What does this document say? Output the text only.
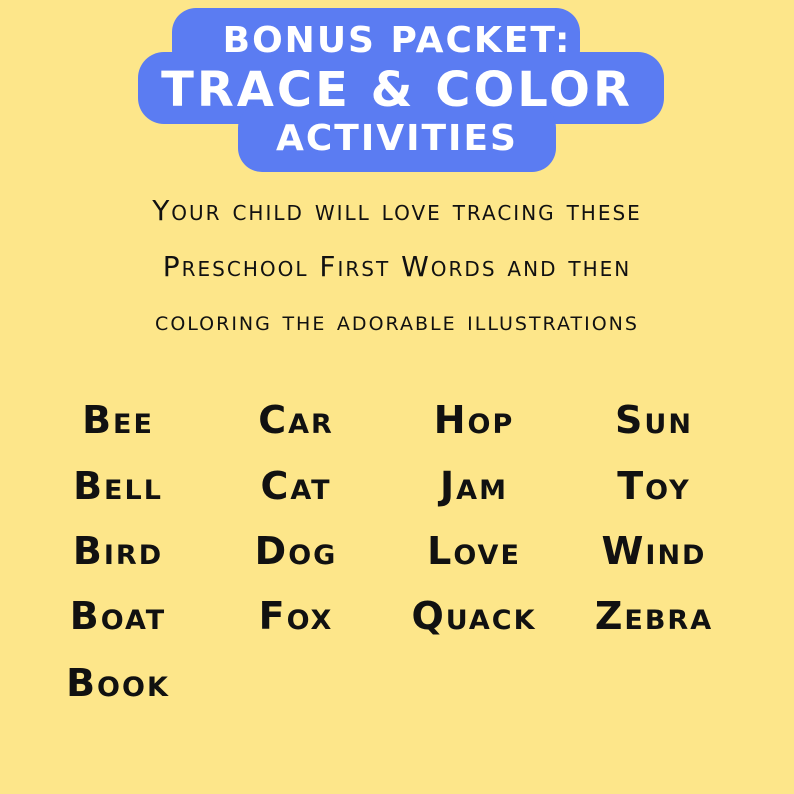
BONUS PACKET:
TRACE & COLOR
ACTIVITIES
Your child will love tracing these
Preschool First Words and then
coloring the adorable illustrations
Bee
Bell
Bird
Boat
Book
Car
Cat
Dog
Fox
Hop
Jam
Love
Quack
Sun
Toy
Wind
Zebra
